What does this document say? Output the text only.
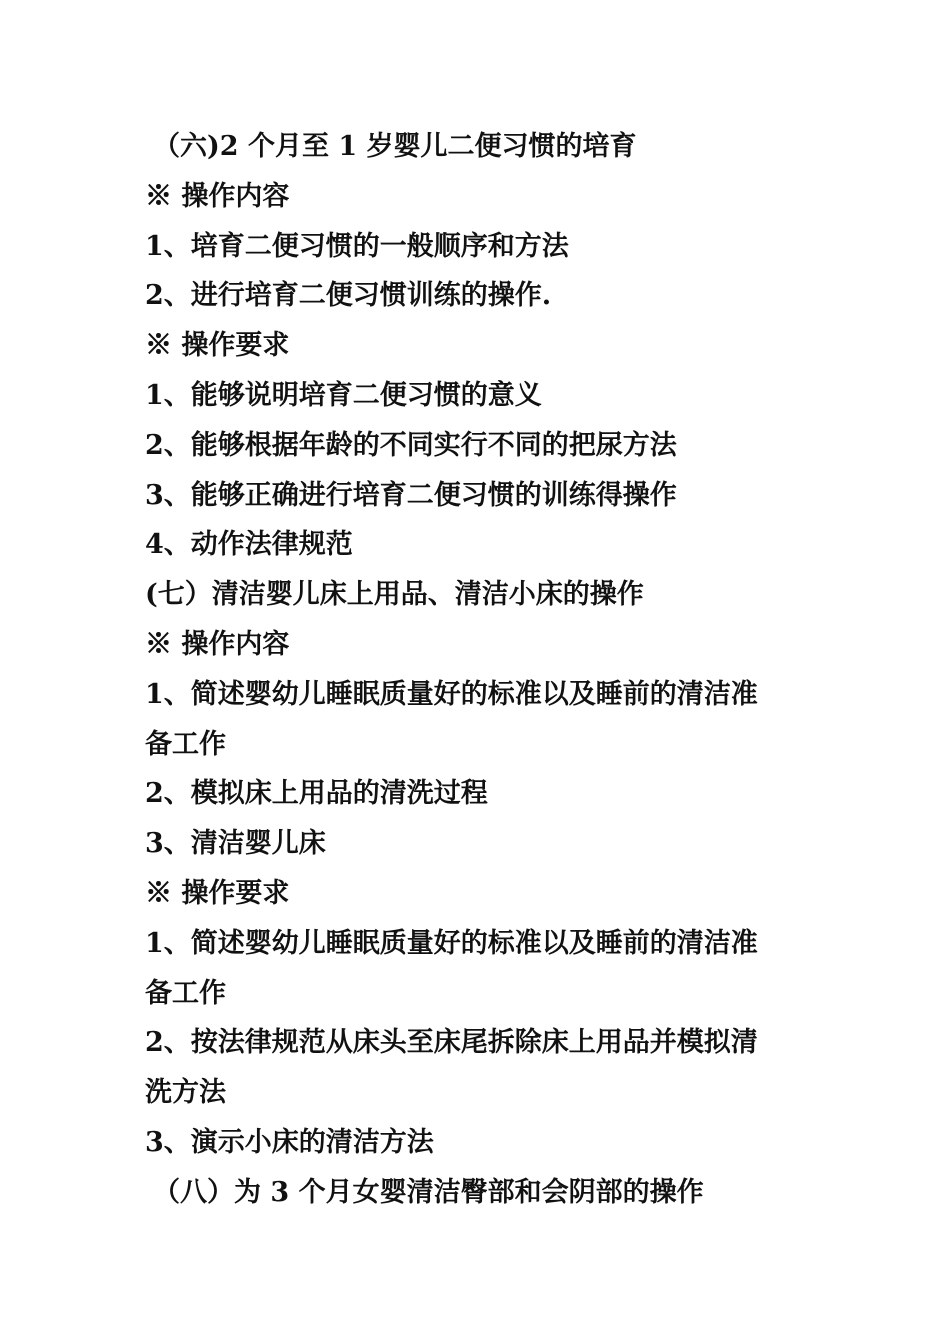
（六)2 个月至 1 岁婴儿二便习惯的培育
※ 操作内容
1、培育二便习惯的一般顺序和方法
2、进行培育二便习惯训练的操作.
※ 操作要求
1、能够说明培育二便习惯的意义
2、能够根据年龄的不同实行不同的把尿方法
3、能够正确进行培育二便习惯的训练得操作
4、动作法律规范
(七）清洁婴儿床上用品、清洁小床的操作
※ 操作内容
1、简述婴幼儿睡眠质量好的标准以及睡前的清洁准
备工作
2、模拟床上用品的清洗过程
3、清洁婴儿床
※ 操作要求
1、简述婴幼儿睡眠质量好的标准以及睡前的清洁准
备工作
2、按法律规范从床头至床尾拆除床上用品并模拟清
洗方法
3、演示小床的清洁方法
（八）为 3 个月女婴清洁臀部和会阴部的操作
